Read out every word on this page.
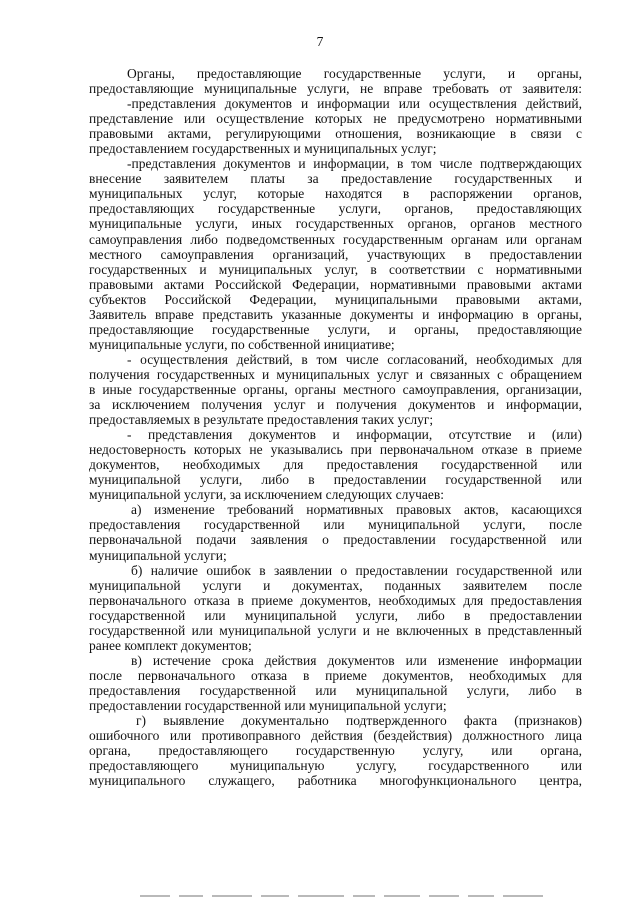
7
Органы, предоставляющие государственные услуги, и органы,
предоставляющие муниципальные услуги, не вправе требовать от заявителя:
-представления документов и информации или осуществления действий,
представление или осуществление которых не предусмотрено нормативными
правовыми актами, регулирующими отношения, возникающие в связи с
предоставлением государственных и муниципальных услуг;
-представления документов и информации, в том числе подтверждающих
внесение заявителем платы за предоставление государственных и
муниципальных услуг, которые находятся в распоряжении органов,
предоставляющих государственные услуги, органов, предоставляющих
муниципальные услуги, иных государственных органов, органов местного
самоуправления либо подведомственных государственным органам или органам
местного самоуправления организаций, участвующих в предоставлении
государственных и муниципальных услуг, в соответствии с нормативными
правовыми актами Российской Федерации, нормативными правовыми актами
субъектов Российской Федерации, муниципальными правовыми актами,
Заявитель вправе представить указанные документы и информацию в органы,
предоставляющие государственные услуги, и органы, предоставляющие
муниципальные услуги, по собственной инициативе;
- осуществления действий, в том числе согласований, необходимых для
получения государственных и муниципальных услуг и связанных с обращением
в иные государственные органы, органы местного самоуправления, организации,
за исключением получения услуг и получения документов и информации,
предоставляемых в результате предоставления таких услуг;
- представления документов и информации, отсутствие и (или)
недостоверность которых не указывались при первоначальном отказе в приеме
документов, необходимых для предоставления государственной или
муниципальной услуги, либо в предоставлении государственной или
муниципальной услуги, за исключением следующих случаев:
а) изменение требований нормативных правовых актов, касающихся
предоставления государственной или муниципальной услуги, после
первоначальной подачи заявления о предоставлении государственной или
муниципальной услуги;
б) наличие ошибок в заявлении о предоставлении государственной или
муниципальной услуги и документах, поданных заявителем после
первоначального отказа в приеме документов, необходимых для предоставления
государственной или муниципальной услуги, либо в предоставлении
государственной или муниципальной услуги и не включенных в представленный
ранее комплект документов;
в) истечение срока действия документов или изменение информации
после первоначального отказа в приеме документов, необходимых для
предоставления государственной или муниципальной услуги, либо в
предоставлении государственной или муниципальной услуги;
г) выявление документально подтвержденного факта (признаков)
ошибочного или противоправного действия (бездействия) должностного лица
органа, предоставляющего государственную услугу, или органа,
предоставляющего муниципальную услугу, государственного или
муниципального служащего, работника многофункционального центра,
